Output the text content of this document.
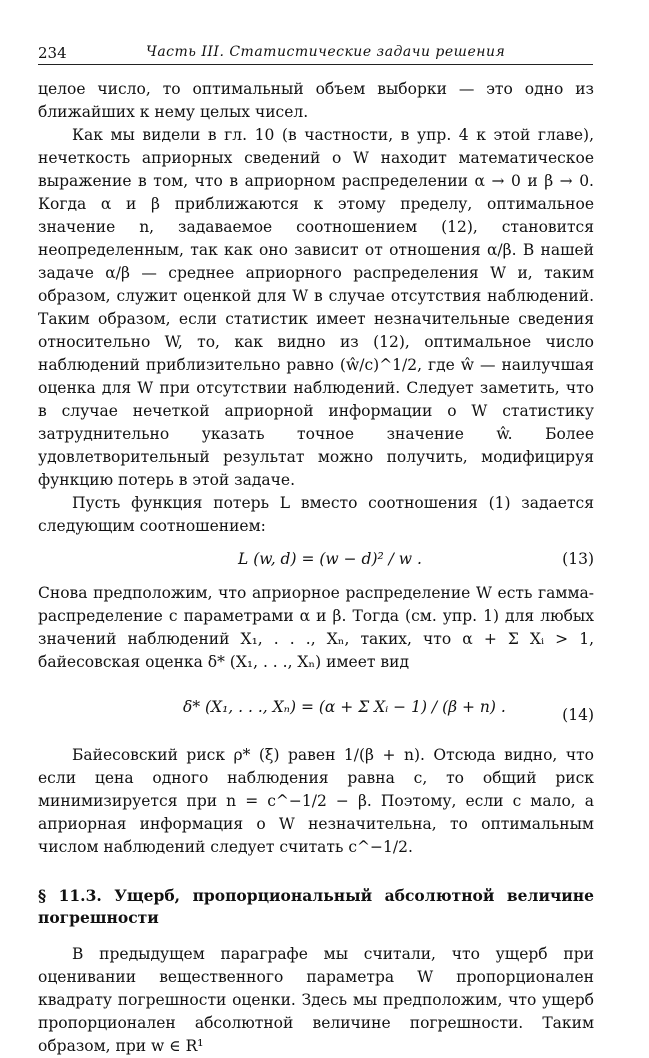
234	Часть III. Статистические задачи решения

целое число, то оптимальный объем выборки — это одно из ближайших к нему целых чисел.

Как мы видели в гл. 10 (в частности, в упр. 4 к этой главе), нечеткость априорных сведений о W находит математическое выражение в том, что в априорном распределении α → 0 и β → 0. Когда α и β приближаются к этому пределу, оптимальное значение n, задаваемое соотношением (12), становится неопределенным, так как оно зависит от отношения α/β. В нашей задаче α/β — среднее априорного распределения W и, таким образом, служит оценкой для W в случае отсутствия наблюдений. Таким образом, если статистик имеет незначительные сведения относительно W, то, как видно из (12), оптимальное число наблюдений приблизительно равно (ŵ/c)^1/2, где ŵ — наилучшая оценка для W при отсутствии наблюдений. Следует заметить, что в случае нечеткой априорной информации о W статистику затруднительно указать точное значение ŵ. Более удовлетворительный результат можно получить, модифицируя функцию потерь в этой задаче.

Пусть функция потерь L вместо соотношения (1) задается следующим соотношением:

L (w, d) = (w − d)² / w .	(13)

Снова предположим, что априорное распределение W есть гамма-распределение с параметрами α и β. Тогда (см. упр. 1) для любых значений наблюдений X₁, . . ., Xₙ, таких, что α + Σ Xᵢ > 1, байесовская оценка δ* (X₁, . . ., Xₙ) имеет вид

δ* (X₁, . . ., Xₙ) = (α + Σ Xᵢ − 1) / (β + n) .	(14)

Байесовский риск ρ* (ξ) равен 1/(β + n). Отсюда видно, что если цена одного наблюдения равна c, то общий риск минимизируется при n = c^−1/2 − β. Поэтому, если c мало, а априорная информация о W незначительна, то оптимальным числом наблюдений следует считать c^−1/2.

§ 11.3. Ущерб, пропорциональный абсолютной величине погрешности

В предыдущем параграфе мы считали, что ущерб при оценивании вещественного параметра W пропорционален квадрату погрешности оценки. Здесь мы предположим, что ущерб пропорционален абсолютной величине погрешности. Таким образом, при w ∈ R¹
